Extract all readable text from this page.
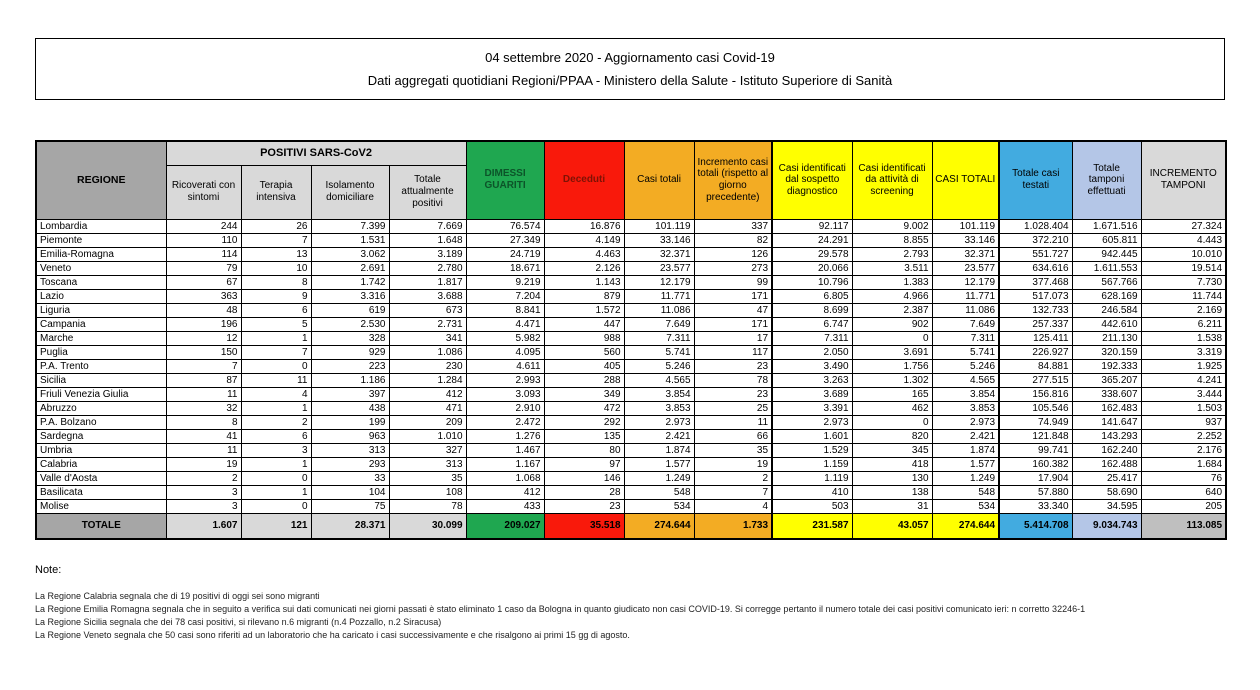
04 settembre 2020 - Aggiornamento casi Covid-19
Dati aggregati quotidiani Regioni/PPAA - Ministero della Salute - Istituto Superiore di Sanità
REGIONE	POSITIVI SARS-CoV2				DIMESSI GUARITI	Deceduti	Casi totali	Incremento casi totali (rispetto al giorno precedente)	Casi identificati dal sospetto diagnostico	Casi identificati da attività di screening	CASI TOTALI	Totale casi testati	Totale tamponi effettuati	INCREMENTO TAMPONI
	Ricoverati con sintomi	Terapia intensiva	Isolamento domiciliare	Totale attualmente positivi										
Lombardia	244	26	7.399	7.669	76.574	16.876	101.119	337	92.117	9.002	101.119	1.028.404	1.671.516	27.324
Piemonte	110	7	1.531	1.648	27.349	4.149	33.146	82	24.291	8.855	33.146	372.210	605.811	4.443
Emilia-Romagna	114	13	3.062	3.189	24.719	4.463	32.371	126	29.578	2.793	32.371	551.727	942.445	10.010
Veneto	79	10	2.691	2.780	18.671	2.126	23.577	273	20.066	3.511	23.577	634.616	1.611.553	19.514
Toscana	67	8	1.742	1.817	9.219	1.143	12.179	99	10.796	1.383	12.179	377.468	567.766	7.730
Lazio	363	9	3.316	3.688	7.204	879	11.771	171	6.805	4.966	11.771	517.073	628.169	11.744
Liguria	48	6	619	673	8.841	1.572	11.086	47	8.699	2.387	11.086	132.733	246.584	2.169
Campania	196	5	2.530	2.731	4.471	447	7.649	171	6.747	902	7.649	257.337	442.610	6.211
Marche	12	1	328	341	5.982	988	7.311	17	7.311	0	7.311	125.411	211.130	1.538
Puglia	150	7	929	1.086	4.095	560	5.741	117	2.050	3.691	5.741	226.927	320.159	3.319
P.A. Trento	7	0	223	230	4.611	405	5.246	23	3.490	1.756	5.246	84.881	192.333	1.925
Sicilia	87	11	1.186	1.284	2.993	288	4.565	78	3.263	1.302	4.565	277.515	365.207	4.241
Friuli Venezia Giulia	11	4	397	412	3.093	349	3.854	23	3.689	165	3.854	156.816	338.607	3.444
Abruzzo	32	1	438	471	2.910	472	3.853	25	3.391	462	3.853	105.546	162.483	1.503
P.A. Bolzano	8	2	199	209	2.472	292	2.973	11	2.973	0	2.973	74.949	141.647	937
Sardegna	41	6	963	1.010	1.276	135	2.421	66	1.601	820	2.421	121.848	143.293	2.252
Umbria	11	3	313	327	1.467	80	1.874	35	1.529	345	1.874	99.741	162.240	2.176
Calabria	19	1	293	313	1.167	97	1.577	19	1.159	418	1.577	160.382	162.488	1.684
Valle d'Aosta	2	0	33	35	1.068	146	1.249	2	1.119	130	1.249	17.904	25.417	76
Basilicata	3	1	104	108	412	28	548	7	410	138	548	57.880	58.690	640
Molise	3	0	75	78	433	23	534	4	503	31	534	33.340	34.595	205
TOTALE	1.607	121	28.371	30.099	209.027	35.518	274.644	1.733	231.587	43.057	274.644	5.414.708	9.034.743	113.085
Note:
La Regione Calabria segnala che di 19 positivi di oggi sei sono migranti
La Regione Emilia Romagna segnala che in seguito a verifica sui dati comunicati nei giorni passati è stato eliminato 1 caso da Bologna in quanto giudicato non casi COVID-19. Si corregge pertanto il numero totale dei casi positivi comunicato ieri: n corretto 32246-1
La Regione Sicilia segnala che dei 78 casi positivi, si rilevano n.6 migranti (n.4 Pozzallo, n.2 Siracusa)
La Regione Veneto segnala che 50 casi sono riferiti ad un laboratorio che ha caricato i casi successivamente e che risalgono ai primi 15 gg di agosto.
